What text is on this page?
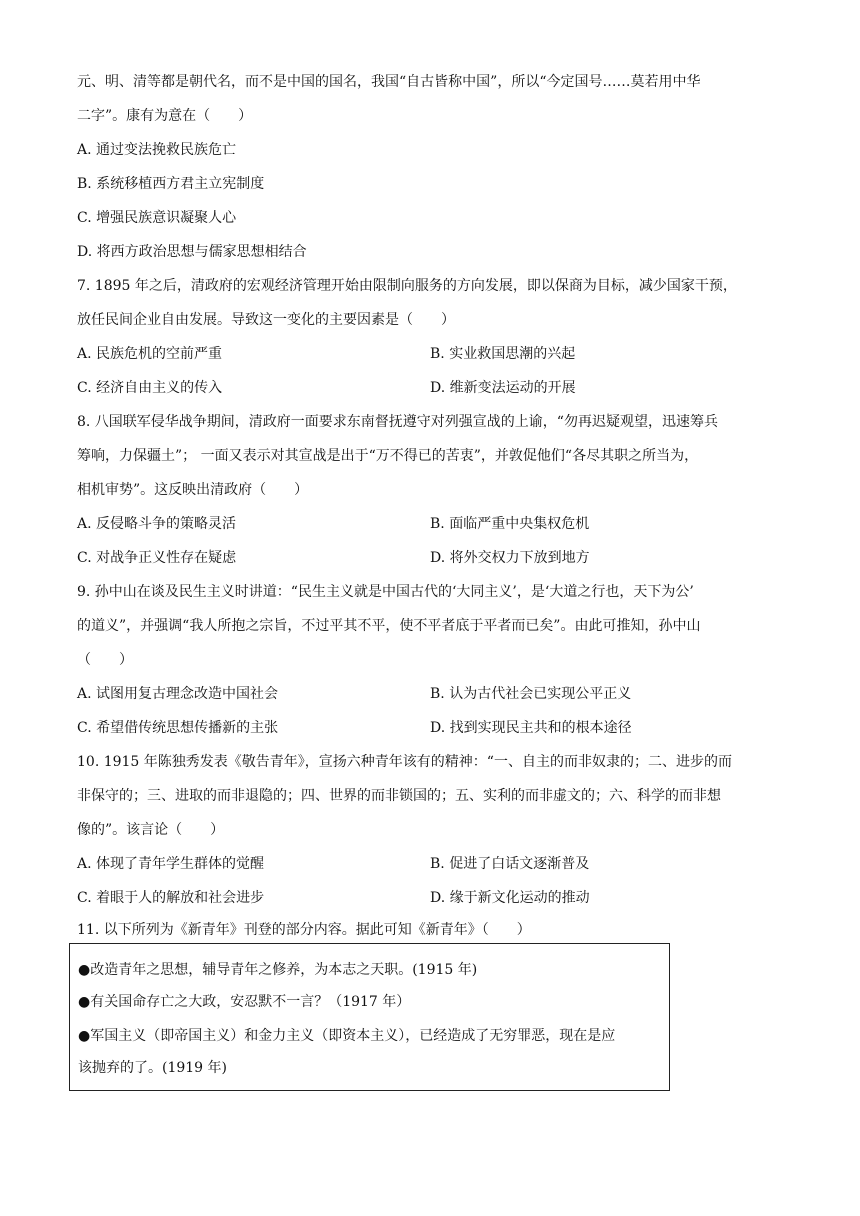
元、明、清等都是朝代名，而不是中国的国名，我国“自古皆称中国”，所以“今定国号……莫若用中华
二字”。康有为意在（　　）
A. 通过变法挽救民族危亡
B. 系统移植西方君主立宪制度
C. 增强民族意识凝聚人心
D. 将西方政治思想与儒家思想相结合
7. 1895 年之后，清政府的宏观经济管理开始由限制向服务的方向发展，即以保商为目标，减少国家干预，
放任民间企业自由发展。导致这一变化的主要因素是（　　）
A. 民族危机的空前严重	B. 实业救国思潮的兴起
C. 经济自由主义的传入	D. 维新变法运动的开展
8. 八国联军侵华战争期间，清政府一面要求东南督抚遵守对列强宣战的上谕，“勿再迟疑观望，迅速筹兵
筹响，力保疆土”； 一面又表示对其宣战是出于“万不得已的苦衷”，并敦促他们“各尽其职之所当为，
相机审势”。这反映出清政府（　　）
A. 反侵略斗争的策略灵活	B. 面临严重中央集权危机
C. 对战争正义性存在疑虑	D. 将外交权力下放到地方
9. 孙中山在谈及民生主义时讲道：“民生主义就是中国古代的‘大同主义’，是‘大道之行也，天下为公’
的道义”，并强调“我人所抱之宗旨，不过平其不平，使不平者底于平者而已矣”。由此可推知，孙中山
（　　）
A. 试图用复古理念改造中国社会	B. 认为古代社会已实现公平正义
C. 希望借传统思想传播新的主张	D. 找到实现民主共和的根本途径
10. 1915 年陈独秀发表《敬告青年》，宣扬六种青年该有的精神：“一、自主的而非奴隶的；二、进步的而
非保守的；三、进取的而非退隐的；四、世界的而非锁国的；五、实利的而非虚文的；六、科学的而非想
像的”。该言论（　　）
A. 体现了青年学生群体的觉醒	B. 促进了白话文逐渐普及
C. 着眼于人的解放和社会进步	D. 缘于新文化运动的推动
11. 以下所列为《新青年》刊登的部分内容。据此可知《新青年》（　　）
●改造青年之思想，辅导青年之修养，为本志之天职。(1915 年)
●有关国命存亡之大政，安忍默不一言？（1917 年）
●军国主义（即帝国主义）和金力主义（即资本主义），已经造成了无穷罪恶，现在是应
该抛弃的了。(1919 年)
